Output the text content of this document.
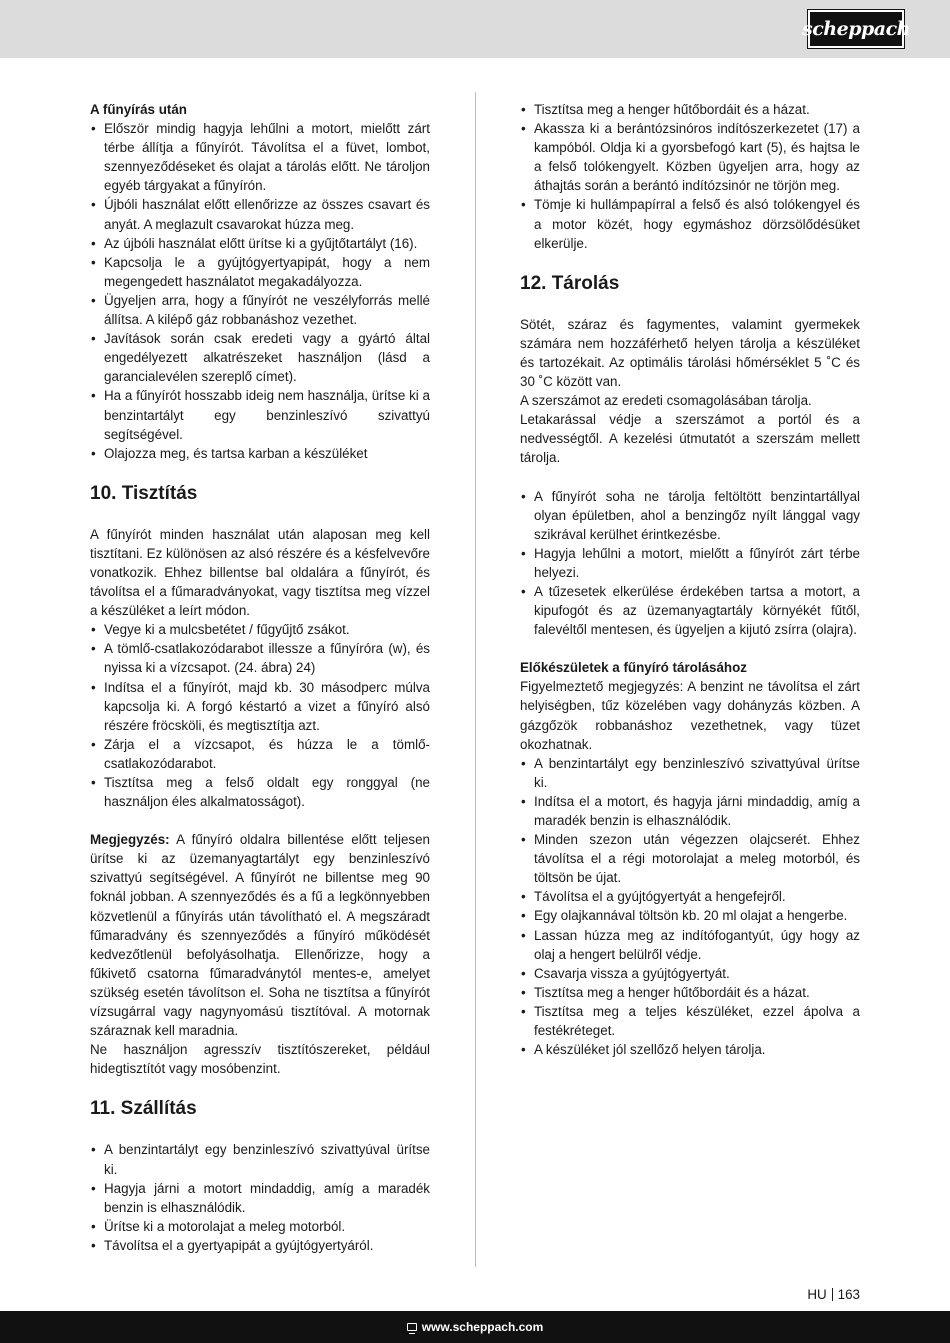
scheppach
A fűnyírás után
• Először mindig hagyja lehűlni a motort, mielőtt zárt térbe állítja a fűnyírót. Távolítsa el a füvet, lombot, szennyeződéseket és olajat a tárolás előtt. Ne tároljon egyéb tárgyakat a fűnyírón.
• Újbóli használat előtt ellenőrizze az összes csavart és anyát. A meglazult csavarokat húzza meg.
• Az újbóli használat előtt ürítse ki a gyűjtőtartályt (16).
• Kapcsolja le a gyújtógyertyapipát, hogy a nem megengedett használatot megakadályozza.
• Ügyeljen arra, hogy a fűnyírót ne veszélyforrás mellé állítsa. A kilépő gáz robbanáshoz vezethet.
• Javítások során csak eredeti vagy a gyártó által engedélyezett alkatrészeket használjon (lásd a garancialevélen szereplő címet).
• Ha a fűnyírót hosszabb ideig nem használja, ürítse ki a benzintartályt egy benzinleszívó szivattyú segítségével.
• Olajozza meg, és tartsa karban a készüléket
10. Tisztítás

A fűnyírót minden használat után alaposan meg kell tisztítani. Ez különösen az alsó részére és a késfelvevőre vonatkozik. Ehhez billentse bal oldalára a fűnyírót, és távolítsa el a fűmaradványokat, vagy tisztítsa meg vízzel a készüléket a leírt módon.

• Vegye ki a mulcsbetétet / fűgyűjtő zsákot.
• A tömlő-csatlakozódarabot illessze a fűnyíróra (w), és nyissa ki a vízcsapot. (24. ábra) 24)
• Indítsa el a fűnyírót, majd kb. 30 másodperc múlva kapcsolja ki. A forgó késtartó a vizet a fűnyíró alsó részére fröcsköli, és megtisztítja azt.
• Zárja el a vízcsapot, és húzza le a tömlő-csatlakozódarabot.
• Tisztítsa meg a felső oldalt egy ronggyal (ne használjon éles alkalmatosságot).

Megjegyzés: A fűnyíró oldalra billentése előtt teljesen ürítse ki az üzemanyagtartályt egy benzinleszívó szivattyú segítségével. A fűnyírót ne billentse meg 90 foknál jobban. A szennyeződés és a fű a legkönnyebben közvetlenül a fűnyírás után távolítható el. A megszáradt fűmaradvány és szennyeződés a fűnyíró működését kedvezőtlenül befolyásolhatja. Ellenőrizze, hogy a fűkivető csatorna fűmaradványtól mentes-e, amelyet szükség esetén távolítson el. Soha ne tisztítsa a fűnyírót vízsugárral vagy nagynyomású tisztítóval. A motornak száraznak kell maradnia.

Ne használjon agresszív tisztítószereket, például hidegtisztítót vagy mosóbenzint.

11. Szállítás
• A benzintartályt egy benzinleszívó szivattyúval ürítse ki.
• Hagyja járni a motort mindaddig, amíg a maradék benzin is elhasználódik.
• Ürítse ki a motorolajat a meleg motorból.
• Távolítsa el a gyertyapipát a gyújtógyertyáról.
• Tisztítsa meg a henger hűtőbordáit és a házat.
• Akassza ki a berántózsinóros indítószerkezetet (17) a kampóból. Oldja ki a gyorsbefogó kart (5), és hajtsa le a felső tolókengyelt. Közben ügyeljen arra, hogy az áthajtás során a berántó indítózsinór ne törjön meg.
• Tömje ki hullámpapírral a felső és alsó tolókengyel és a motor közét, hogy egymáshoz dörzsölődésüket elkerülje.
12. Tárolás

Sötét, száraz és fagymentes, valamint gyermekek számára nem hozzáférhető helyen tárolja a készüléket és tartozékait. Az optimális tárolási hőmérséklet 5 ˚C és 30 ˚C között van.

A szerszámot az eredeti csomagolásában tárolja.

Letakarással védje a szerszámot a portól és a nedvességtől. A kezelési útmutatót a szerszám mellett tárolja.

• A fűnyírót soha ne tárolja feltöltött benzintartállyal olyan épületben, ahol a benzingőz nyílt lánggal vagy szikrával kerülhet érintkezésbe.
• Hagyja lehűlni a motort, mielőtt a fűnyírót zárt térbe helyezi.
• A tűzesetek elkerülése érdekében tartsa a motort, a kipufogót és az üzemanyagtartály környékét fűtől, falevéltől mentesen, és ügyeljen a kijutó zsírra (olajra).
Előkészületek a fűnyíró tárolásához

Figyelmeztető megjegyzés: A benzint ne távolítsa el zárt helyiségben, tűz közelében vagy dohányzás közben. A gázgőzök robbanáshoz vezethetnek, vagy tüzet okozhatnak.

• A benzintartályt egy benzinleszívó szivattyúval ürítse ki.
• Indítsa el a motort, és hagyja járni mindaddig, amíg a maradék benzin is elhasználódik.
• Minden szezon után végezzen olajcserét. Ehhez távolítsa el a régi motorolajat a meleg motorból, és töltsön be újat.
• Távolítsa el a gyújtógyertyát a hengefejről.
• Egy olajkannával töltsön kb. 20 ml olajat a hengerbe.
• Lassan húzza meg az indítófogantyút, úgy hogy az olaj a hengert belülről védje.
• Csavarja vissza a gyújtógyertyát.
• Tisztítsa meg a henger hűtőbordáit és a házat.
• Tisztítsa meg a teljes készüléket, ezzel ápolva a festékréteget.
• A készüléket jól szellőző helyen tárolja.
HU 163
www.scheppach.com
